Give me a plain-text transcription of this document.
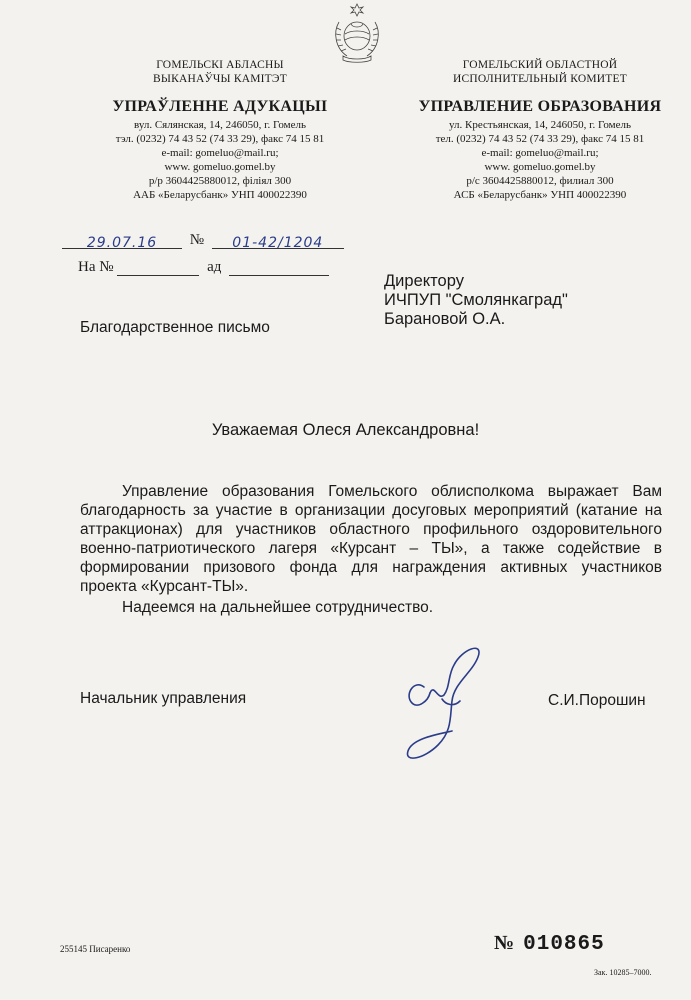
ГОМЕЛЬСКІ АБЛАСНЫ
ВЫКАНАЎЧЫ КАМІТЭТ
УПРАЎЛЕННЕ АДУКАЦЫІ
вул. Сялянская, 14, 246050, г. Гомель
тэл. (0232) 74 43 52 (74 33 29), факс 74 15 81
e-mail: gomeluo@mail.ru;
www. gomeluo.gomel.by
р/р 3604425880012, філіял 300
ААБ «Беларусбанк» УНП 400022390
ГОМЕЛЬСКИЙ ОБЛАСТНОЙ
ИСПОЛНИТЕЛЬНЫЙ КОМИТЕТ
УПРАВЛЕНИЕ ОБРАЗОВАНИЯ
ул. Крестьянская, 14, 246050, г. Гомель
тел. (0232) 74 43 52 (74 33 29), факс 74 15 81
e-mail: gomeluo@mail.ru;
www. gomeluo.gomel.by
р/с 3604425880012, филиал 300
АСБ «Беларусбанк» УНП 400022390
29.07.16 № 01-42/1204
На №	ад
Директору
ИЧПУП "Смолянкаград"
Барановой О.А.
Благодарственное письмо
Уважаемая Олеся Александровна!

Управление образования Гомельского облисполкома выражает Вам благодарность за участие в организации досуговых мероприятий (катание на аттракционах) для участников областного профильного оздоровительного военно-патриотического лагеря «Курсант – ТЫ», а также содействие в формировании призового фонда для награждения активных участников проекта «Курсант-ТЫ».

Надеемся на дальнейшее сотрудничество.

Начальник управления	С.И.Порошин
255145 Писаренко	№ 010865
Зак. 10285–7000.
